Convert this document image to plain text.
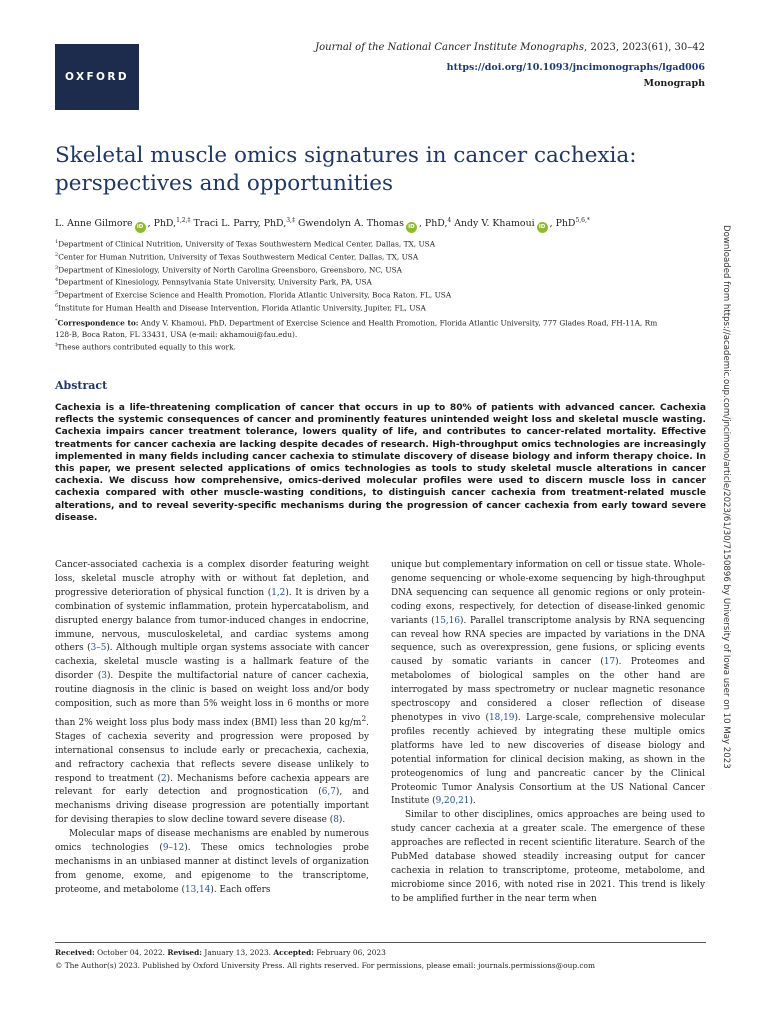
OXFORD
Journal of the National Cancer Institute Monographs, 2023, 2023(61), 30–42
https://doi.org/10.1093/jncimonographs/lgad006
Monograph
Skeletal muscle omics signatures in cancer cachexia: perspectives and opportunities
L. Anne Gilmore iD , PhD,$^{1,2,\ddagger}$ Traci L. Parry, PhD,$^{3,\ddagger}$ Gwendolyn A. Thomas iD , PhD,$^4$ Andy V. Khamoui iD , PhD$^{5,6,*}$
$^1$Department of Clinical Nutrition, University of Texas Southwestern Medical Center, Dallas, TX, USA
$^2$Center for Human Nutrition, University of Texas Southwestern Medical Center, Dallas, TX, USA
$^3$Department of Kinesiology, University of North Carolina Greensboro, Greensboro, NC, USA
$^4$Department of Kinesiology, Pennsylvania State University, University Park, PA, USA
$^5$Department of Exercise Science and Health Promotion, Florida Atlantic University, Boca Raton, FL, USA
$^6$Institute for Human Health and Disease Intervention, Florida Atlantic University, Jupiter, FL, USA
*Correspondence to: Andy V. Khamoui, PhD, Department of Exercise Science and Health Promotion, Florida Atlantic University, 777 Glades Road, FH-11A, Rm 128-B, Boca Raton, FL 33431, USA (e-mail: akhamoui@fau.edu).
‡These authors contributed equally to this work.
Abstract
Cachexia is a life-threatening complication of cancer that occurs in up to 80% of patients with advanced cancer. Cachexia reflects the systemic consequences of cancer and prominently features unintended weight loss and skeletal muscle wasting. Cachexia impairs cancer treatment tolerance, lowers quality of life, and contributes to cancer-related mortality. Effective treatments for cancer cachexia are lacking despite decades of research. High-throughput omics technologies are increasingly implemented in many fields including cancer cachexia to stimulate discovery of disease biology and inform therapy choice. In this paper, we present selected applications of omics technologies as tools to study skeletal muscle alterations in cancer cachexia. We discuss how comprehensive, omics-derived molecular profiles were used to discern muscle loss in cancer cachexia compared with other muscle-wasting conditions, to distinguish cancer cachexia from treatment-related muscle alterations, and to reveal severity-specific mechanisms during the progression of cancer cachexia from early toward severe disease.

Cancer-associated cachexia is a complex disorder featuring weight loss, skeletal muscle atrophy with or without fat depletion, and progressive deterioration of physical function (1,2). It is driven by a combination of systemic inflammation, protein hypercatabolism, and disrupted energy balance from tumor-induced changes in endocrine, immune, nervous, musculoskeletal, and cardiac systems among others (3–5). Although multiple organ systems associate with cancer cachexia, skeletal muscle wasting is a hallmark feature of the disorder (3). Despite the multifactorial nature of cancer cachexia, routine diagnosis in the clinic is based on weight loss and/or body composition, such as more than 5% weight loss in 6 months or more than 2% weight loss plus body mass index (BMI) less than 20 $kg/m^2$. Stages of cachexia severity and progression were proposed by international consensus to include early or precachexia, cachexia, and refractory cachexia that reflects severe disease unlikely to respond to treatment (2). Mechanisms before cachexia appears are relevant for early detection and prognostication (6,7), and mechanisms driving disease progression are potentially important for devising therapies to slow decline toward severe disease (8).

Molecular maps of disease mechanisms are enabled by numerous omics technologies (9–12). These omics technologies probe mechanisms in an unbiased manner at distinct levels of organization from genome, exome, and epigenome to the transcriptome, proteome, and metabolome (13,14). Each offers

unique but complementary information on cell or tissue state. Whole-genome sequencing or whole-exome sequencing by high-throughput DNA sequencing can sequence all genomic regions or only protein-coding exons, respectively, for detection of disease-linked genomic variants (15,16). Parallel transcriptome analysis by RNA sequencing can reveal how RNA species are impacted by variations in the DNA sequence, such as overexpression, gene fusions, or splicing events caused by somatic variants in cancer (17). Proteomes and metabolomes of biological samples on the other hand are interrogated by mass spectrometry or nuclear magnetic resonance spectroscopy and considered a closer reflection of disease phenotypes in vivo (18,19). Large-scale, comprehensive molecular profiles recently achieved by integrating these multiple omics platforms have led to new discoveries of disease biology and potential information for clinical decision making, as shown in the proteogenomics of lung and pancreatic cancer by the Clinical Proteomic Tumor Analysis Consortium at the US National Cancer Institute (9,20,21).

Similar to other disciplines, omics approaches are being used to study cancer cachexia at a greater scale. The emergence of these approaches are reflected in recent scientific literature. Search of the PubMed database showed steadily increasing output for cancer cachexia in relation to transcriptome, proteome, metabolome, and microbiome since 2016, with noted rise in 2021. This trend is likely to be amplified further in the near term when

Received: October 04, 2022. Revised: January 13, 2023. Accepted: February 06, 2023
© The Author(s) 2023. Published by Oxford University Press. All rights reserved. For permissions, please email: journals.permissions@oup.com
Downloaded from https://academic.oup.com/jncimono/article/2023/61/30/7150896 by University of Iowa user on 10 May 2023
